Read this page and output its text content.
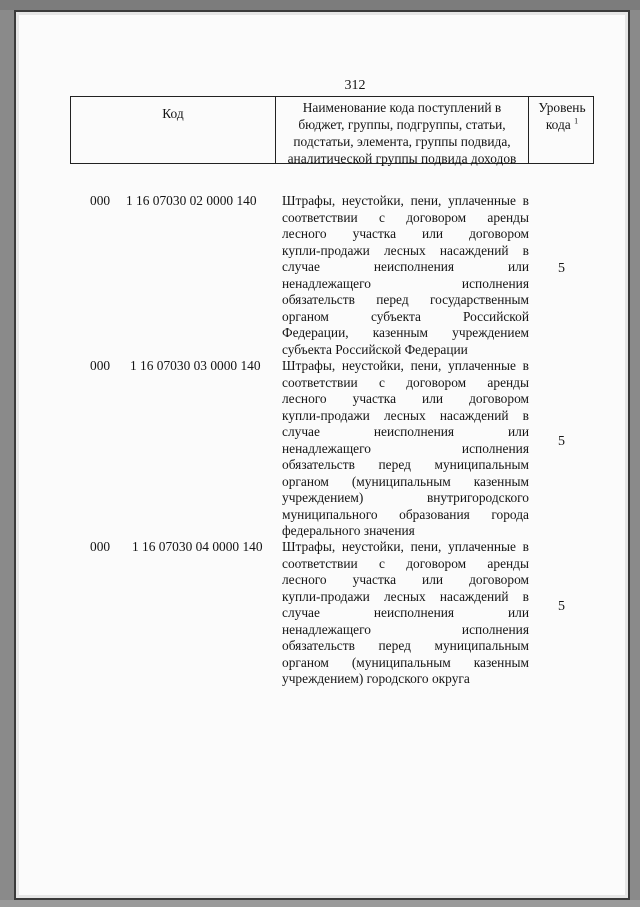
312
Код	Наименование кода поступлений в
бюджет, группы, подгруппы, статьи,
подстатьи, элемента, группы подвида,
аналитической группы подвида доходов
Уровень
кода $^1$
000 1 16 07030 02 0000 140 Штрафы, неустойки, пени, уплаченные в
соответствии с договором аренды
лесного участка или договором
купли-продажи лесных насаждений в
случае неисполнения или
ненадлежащего исполнения
обязательств перед государственным
органом субъекта Российской
Федерации, казенным учреждением
субъекта Российской Федерации
5
000 1 16 07030 03 0000 140 Штрафы, неустойки, пени, уплаченные в
соответствии с договором аренды
лесного участка или договором
купли-продажи лесных насаждений в
случае неисполнения или
ненадлежащего исполнения
обязательств перед муниципальным
органом (муниципальным казенным
учреждением) внутригородского
муниципального образования города
федерального значения
5
000 1 16 07030 04 0000 140 Штрафы, неустойки, пени, уплаченные в
соответствии с договором аренды
лесного участка или договором
купли-продажи лесных насаждений в
случае неисполнения или
ненадлежащего исполнения
обязательств перед муниципальным
органом (муниципальным казенным
учреждением) городского округа
5
